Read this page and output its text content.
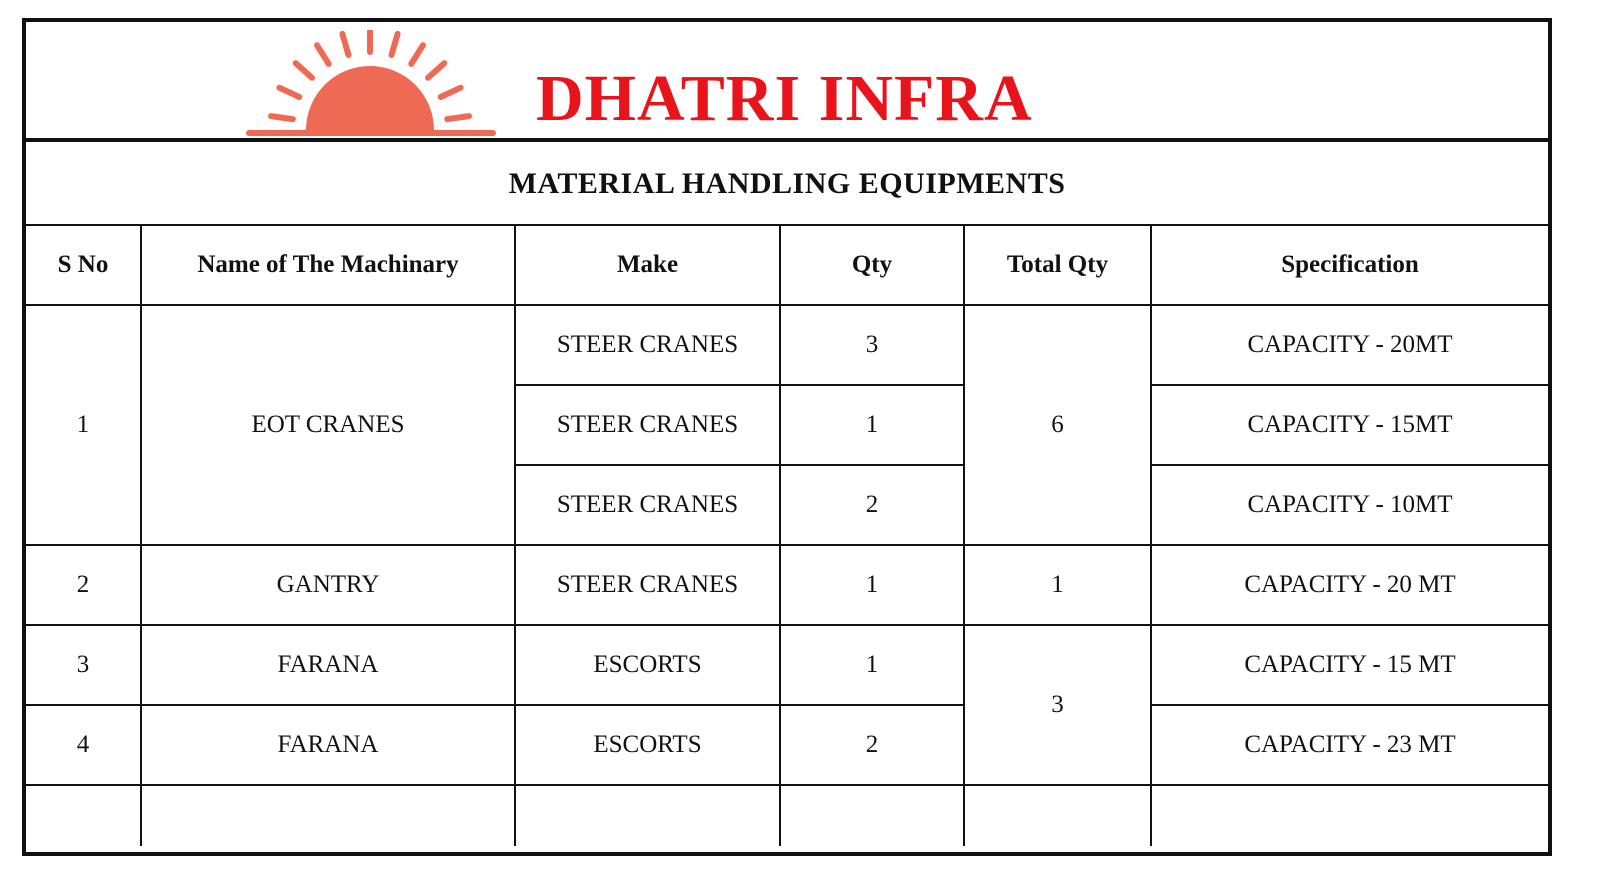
DHATRI INFRA
MATERIAL HANDLING EQUIPMENTS
S No	Name of The Machinary	Make	Qty	Total Qty	Specification
1	EOT CRANES	STEER CRANES	3	6	CAPACITY - 20MT
		STEER CRANES	1		CAPACITY - 15MT
		STEER CRANES	2		CAPACITY - 10MT
2	GANTRY	STEER CRANES	1	1	CAPACITY - 20 MT
3	FARANA	ESCORTS	1	3	CAPACITY - 15 MT
4	FARANA	ESCORTS	2		CAPACITY - 23 MT
